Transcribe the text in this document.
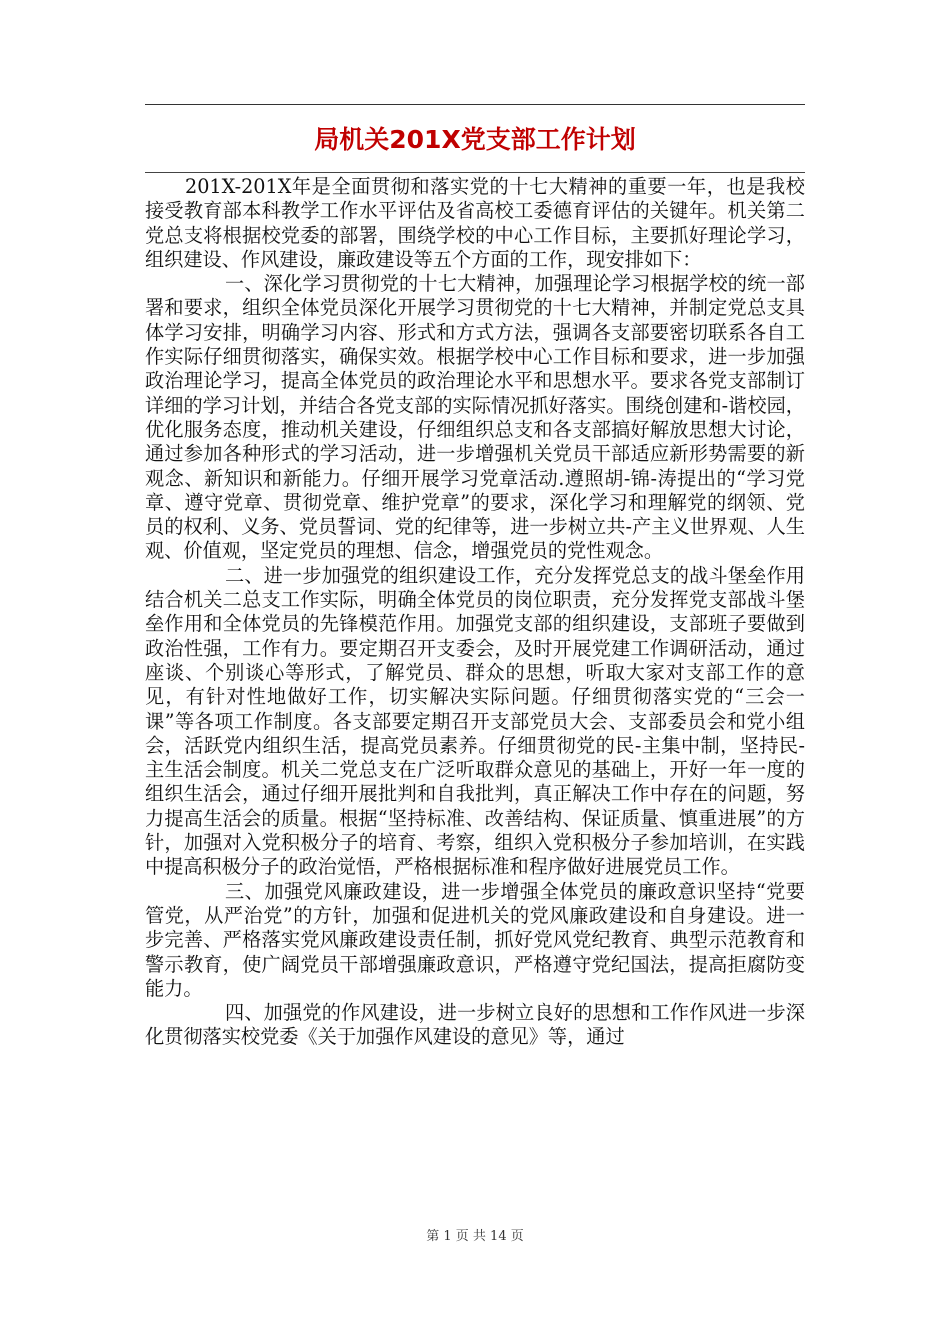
局机关201X党支部工作计划

201X-201X年是全面贯彻和落实党的十七大精神的重要一年，也是我校接受教育部本科教学工作水平评估及省高校工委德育评估的关键年。机关第二党总支将根据校党委的部署，围绕学校的中心工作目标，主要抓好理论学习，组织建设、作风建设，廉政建设等五个方面的工作，现安排如下：

一、深化学习贯彻党的十七大精神，加强理论学习根据学校的统一部署和要求，组织全体党员深化开展学习贯彻党的十七大精神，并制定党总支具体学习安排，明确学习内容、形式和方式方法，强调各支部要密切联系各自工作实际仔细贯彻落实，确保实效。根据学校中心工作目标和要求，进一步加强政治理论学习，提高全体党员的政治理论水平和思想水平。要求各党支部制订详细的学习计划，并结合各党支部的实际情况抓好落实。围绕创建和-谐校园，优化服务态度，推动机关建设，仔细组织总支和各支部搞好解放思想大讨论，通过参加各种形式的学习活动，进一步增强机关党员干部适应新形势需要的新观念、新知识和新能力。仔细开展学习党章活动.遵照胡-锦-涛提出的“学习党章、遵守党章、贯彻党章、维护党章”的要求，深化学习和理解党的纲领、党员的权利、义务、党员誓词、党的纪律等，进一步树立共-产主义世界观、人生观、价值观，坚定党员的理想、信念，增强党员的党性观念。

二、进一步加强党的组织建设工作，充分发挥党总支的战斗堡垒作用结合机关二总支工作实际，明确全体党员的岗位职责，充分发挥党支部战斗堡垒作用和全体党员的先锋模范作用。加强党支部的组织建设，支部班子要做到政治性强，工作有力。要定期召开支委会，及时开展党建工作调研活动，通过座谈、个别谈心等形式，了解党员、群众的思想，听取大家对支部工作的意见，有针对性地做好工作，切实解决实际问题。仔细贯彻落实党的“三会一课”等各项工作制度。各支部要定期召开支部党员大会、支部委员会和党小组会，活跃党内组织生活，提高党员素养。仔细贯彻党的民-主集中制，坚持民-主生活会制度。机关二党总支在广泛听取群众意见的基础上，开好一年一度的组织生活会，通过仔细开展批判和自我批判，真正解决工作中存在的问题，努力提高生活会的质量。根据“坚持标准、改善结构、保证质量、慎重进展”的方针，加强对入党积极分子的培育、考察，组织入党积极分子参加培训，在实践中提高积极分子的政治觉悟，严格根据标准和程序做好进展党员工作。

三、加强党风廉政建设，进一步增强全体党员的廉政意识坚持“党要管党，从严治党”的方针，加强和促进机关的党风廉政建设和自身建设。进一步完善、严格落实党风廉政建设责任制，抓好党风党纪教育、典型示范教育和警示教育，使广阔党员干部增强廉政意识，严格遵守党纪国法，提高拒腐防变能力。

四、加强党的作风建设，进一步树立良好的思想和工作作风进一步深化贯彻落实校党委《关于加强作风建设的意见》等，通过

第 1 页 共 14 页
